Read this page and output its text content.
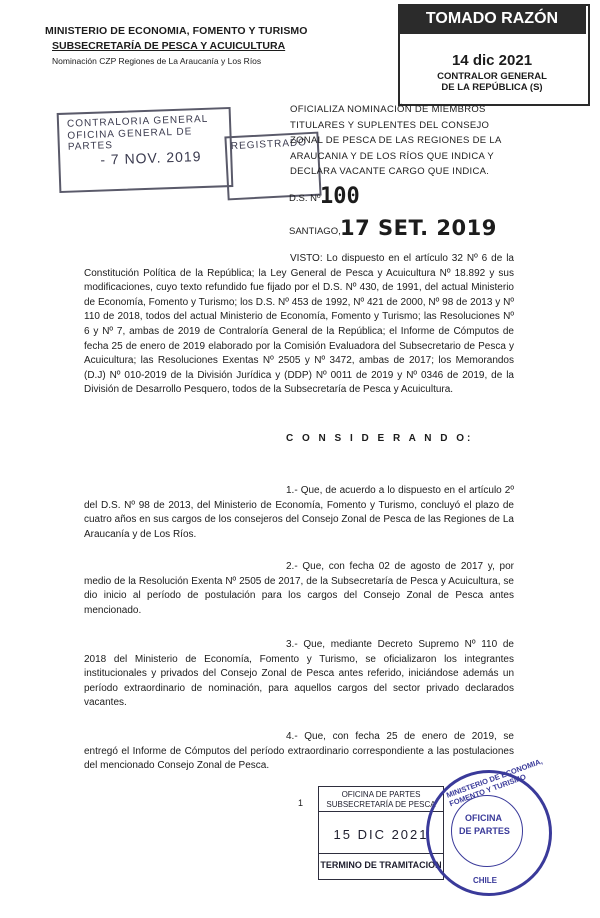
MINISTERIO DE ECONOMIA, FOMENTO Y TURISMO
SUBSECRETARÍA DE PESCA Y ACUICULTURA
Nominación CZP Regiones de La Araucanía y Los Ríos
TOMADO RAZÓN
14 dic 2021
CONTRALOR GENERAL
DE LA REPÚBLICA (S)
CONTRALORIA GENERAL
OFICINA GENERAL DE PARTES
- 7 NOV. 2019
REGISTRADO
OFICIALIZA NOMINACIÓN DE MIEMBROS TITULARES Y SUPLENTES DEL CONSEJO ZONAL DE PESCA DE LAS REGIONES DE LA ARAUCANIA Y DE LOS RÍOS QUE INDICA Y DECLARA VACANTE CARGO QUE INDICA.
D.S. Nº 100
SANTIAGO, 17 SET. 2019
VISTO: Lo dispuesto en el artículo 32 Nº 6 de la Constitución Política de la República; la Ley General de Pesca y Acuicultura Nº 18.892 y sus modificaciones, cuyo texto refundido fue fijado por el D.S. Nº 430, de 1991, del actual Ministerio de Economía, Fomento y Turismo; los D.S. Nº 453 de 1992, Nº 421 de 2000, Nº 98 de 2013 y Nº 110 de 2018, todos del actual Ministerio de Economía, Fomento y Turismo; las Resoluciones Nº 6 y Nº 7, ambas de 2019 de Contraloría General de la República; el Informe de Cómputos de fecha 25 de enero de 2019 elaborado por la Comisión Evaluadora del Subsecretario de Pesca y Acuicultura; las Resoluciones Exentas Nº 2505 y Nº 3472, ambas de 2017; los Memorandos (D.J) Nº 010-2019 de la División Jurídica y (DDP) Nº 0011 de 2019 y Nº 0346 de 2019, de la División de Desarrollo Pesquero, todos de la Subsecretaría de Pesca y Acuicultura.
C O N S I D E R A N D O:
1.- Que, de acuerdo a lo dispuesto en el artículo 2º del D.S. Nº 98 de 2013, del Ministerio de Economía, Fomento y Turismo, concluyó el plazo de cuatro años en sus cargos de los consejeros del Consejo Zonal de Pesca de las Regiones de La Araucanía y de Los Ríos.
2.- Que, con fecha 02 de agosto de 2017 y, por medio de la Resolución Exenta Nº 2505 de 2017, de la Subsecretaría de Pesca y Acuicultura, se dio inicio al período de postulación para los cargos del Consejo Zonal de Pesca antes mencionado.
3.- Que, mediante Decreto Supremo Nº 110 de 2018 del Ministerio de Economía, Fomento y Turismo, se oficializaron los integrantes institucionales y privados del Consejo Zonal de Pesca antes referido, iniciándose además un período extraordinario de nominación, para aquellos cargos del sector privado declarados vacantes.
4.- Que, con fecha 25 de enero de 2019, se entregó el Informe de Cómputos del período extraordinario correspondiente a las postulaciones del mencionado Consejo Zonal de Pesca.
1
OFICINA DE PARTES
SUBSECRETARÍA DE PESCA
15 DIC 2021
TERMINO DE TRAMITACION
MINISTERIO DE ECONOMIA, FOMENTO Y TURISMO
OFICINA
DE PARTES
CHILE
